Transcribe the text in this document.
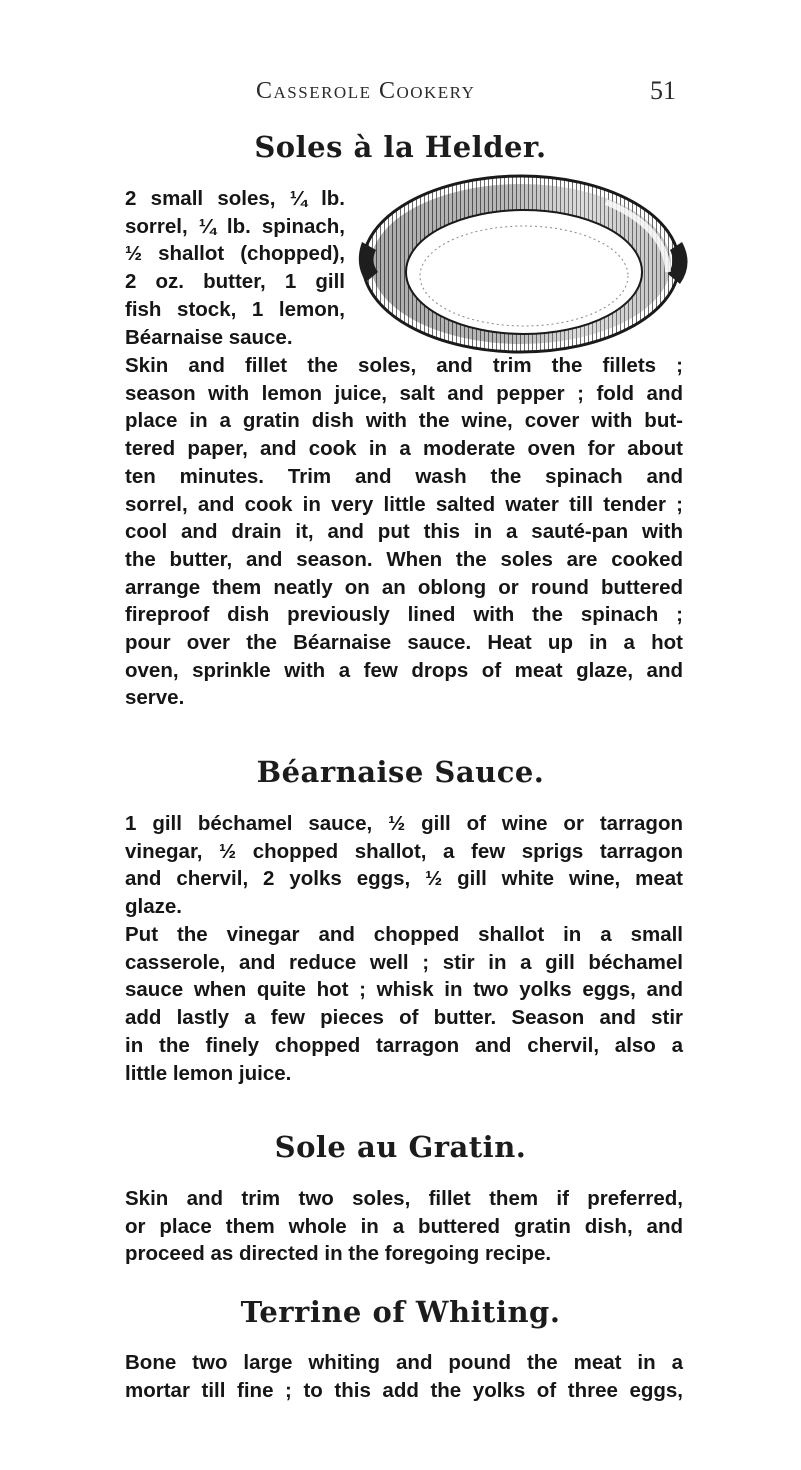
Casserole Cookery	51
Soles à la Helder.
2 small soles, ¼ lb.
sorrel, ¼ lb. spinach,
½ shallot (chopped),
2 oz. butter, 1 gill
fish stock, 1 lemon,
Béarnaise sauce.
Skin and fillet the soles, and trim the fillets ;
season with lemon juice, salt and pepper ; fold and
place in a gratin dish with the wine, cover with but-
tered paper, and cook in a moderate oven for about
ten minutes. Trim and wash the spinach and
sorrel, and cook in very little salted water till tender ;
cool and drain it, and put this in a sauté-pan with
the butter, and season. When the soles are cooked
arrange them neatly on an oblong or round buttered
fireproof dish previously lined with the spinach ;
pour over the Béarnaise sauce. Heat up in a hot
oven, sprinkle with a few drops of meat glaze, and
serve.
Béarnaise Sauce.
1 gill béchamel sauce, ½ gill of wine or tarragon
vinegar, ½ chopped shallot, a few sprigs tarragon
and chervil, 2 yolks eggs, ½ gill white wine, meat
glaze.
Put the vinegar and chopped shallot in a small
casserole, and reduce well ; stir in a gill béchamel
sauce when quite hot ; whisk in two yolks eggs, and
add lastly a few pieces of butter. Season and stir
in the finely chopped tarragon and chervil, also a
little lemon juice.
Sole au Gratin.
Skin and trim two soles, fillet them if preferred,
or place them whole in a buttered gratin dish, and
proceed as directed in the foregoing recipe.
Terrine of Whiting.
Bone two large whiting and pound the meat in a
mortar till fine ; to this add the yolks of three eggs,
